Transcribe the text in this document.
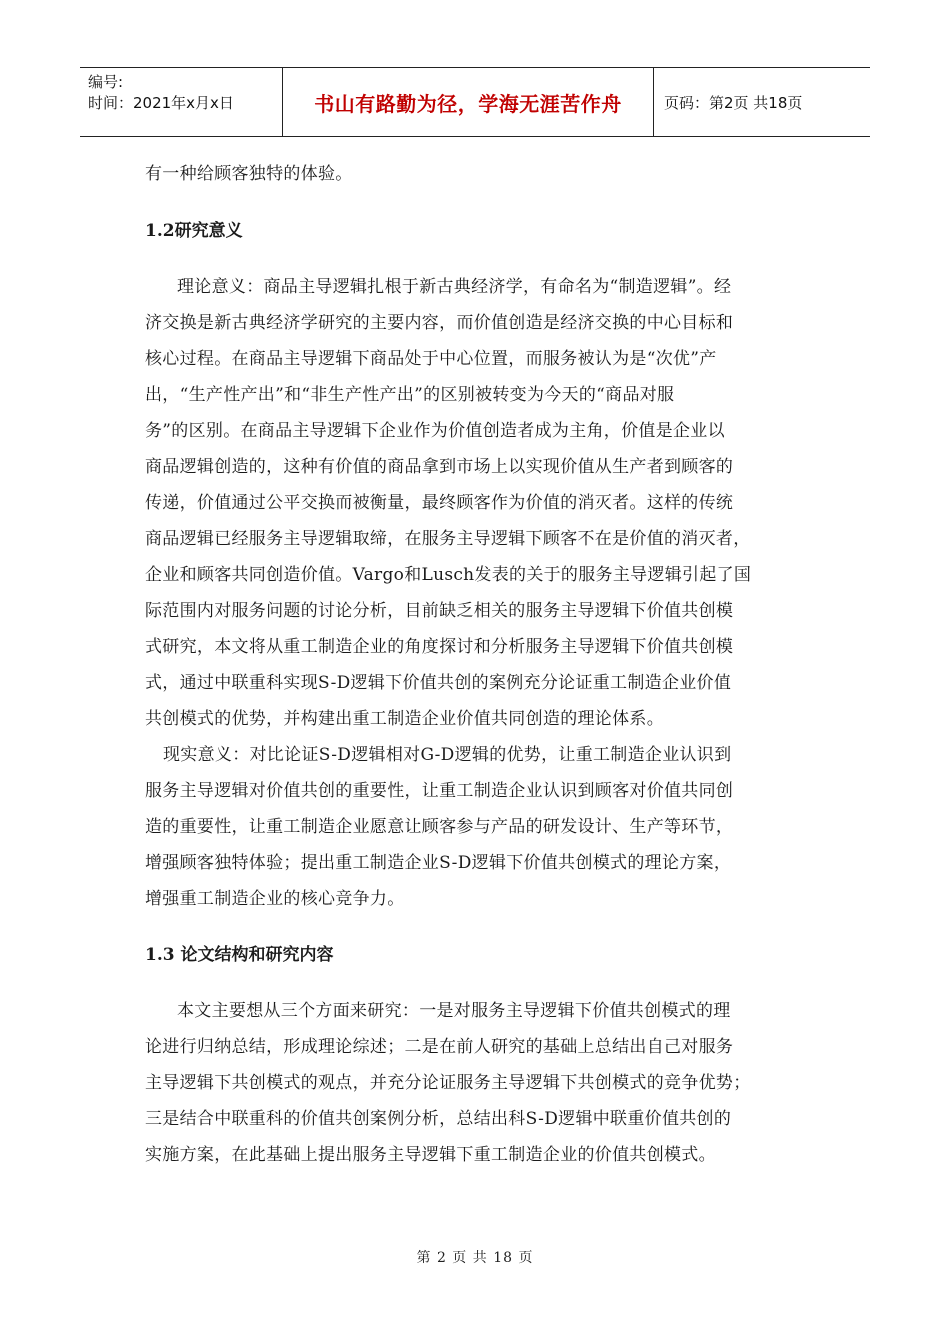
编号:
时间：2021年x月x日	书山有路勤为径，学海无涯苦作舟	页码：第2页 共18页
有一种给顾客独特的体验。
1.2研究意义
理论意义：商品主导逻辑扎根于新古典经济学，有命名为“制造逻辑”。经
济交换是新古典经济学研究的主要内容，而价值创造是经济交换的中心目标和
核心过程。在商品主导逻辑下商品处于中心位置，而服务被认为是“次优”产
出，“生产性产出”和“非生产性产出”的区别被转变为今天的“商品对服
务”的区别。在商品主导逻辑下企业作为价值创造者成为主角，价值是企业以
商品逻辑创造的，这种有价值的商品拿到市场上以实现价值从生产者到顾客的
传递，价值通过公平交换而被衡量，最终顾客作为价值的消灭者。这样的传统
商品逻辑已经服务主导逻辑取缔，在服务主导逻辑下顾客不在是价值的消灭者，
企业和顾客共同创造价值。Vargo和Lusch发表的关于的服务主导逻辑引起了国
际范围内对服务问题的讨论分析，目前缺乏相关的服务主导逻辑下价值共创模
式研究，本文将从重工制造企业的角度探讨和分析服务主导逻辑下价值共创模
式，通过中联重科实现S-D逻辑下价值共创的案例充分论证重工制造企业价值
共创模式的优势，并构建出重工制造企业价值共同创造的理论体系。
现实意义：对比论证S-D逻辑相对G-D逻辑的优势，让重工制造企业认识到
服务主导逻辑对价值共创的重要性，让重工制造企业认识到顾客对价值共同创
造的重要性，让重工制造企业愿意让顾客参与产品的研发设计、生产等环节，
增强顾客独特体验；提出重工制造企业S-D逻辑下价值共创模式的理论方案，
增强重工制造企业的核心竞争力。
1.3 论文结构和研究内容
本文主要想从三个方面来研究：一是对服务主导逻辑下价值共创模式的理
论进行归纳总结，形成理论综述；二是在前人研究的基础上总结出自己对服务
主导逻辑下共创模式的观点，并充分论证服务主导逻辑下共创模式的竞争优势；
三是结合中联重科的价值共创案例分析，总结出科S-D逻辑中联重价值共创的
实施方案，在此基础上提出服务主导逻辑下重工制造企业的价值共创模式。
第 2 页 共 18 页
